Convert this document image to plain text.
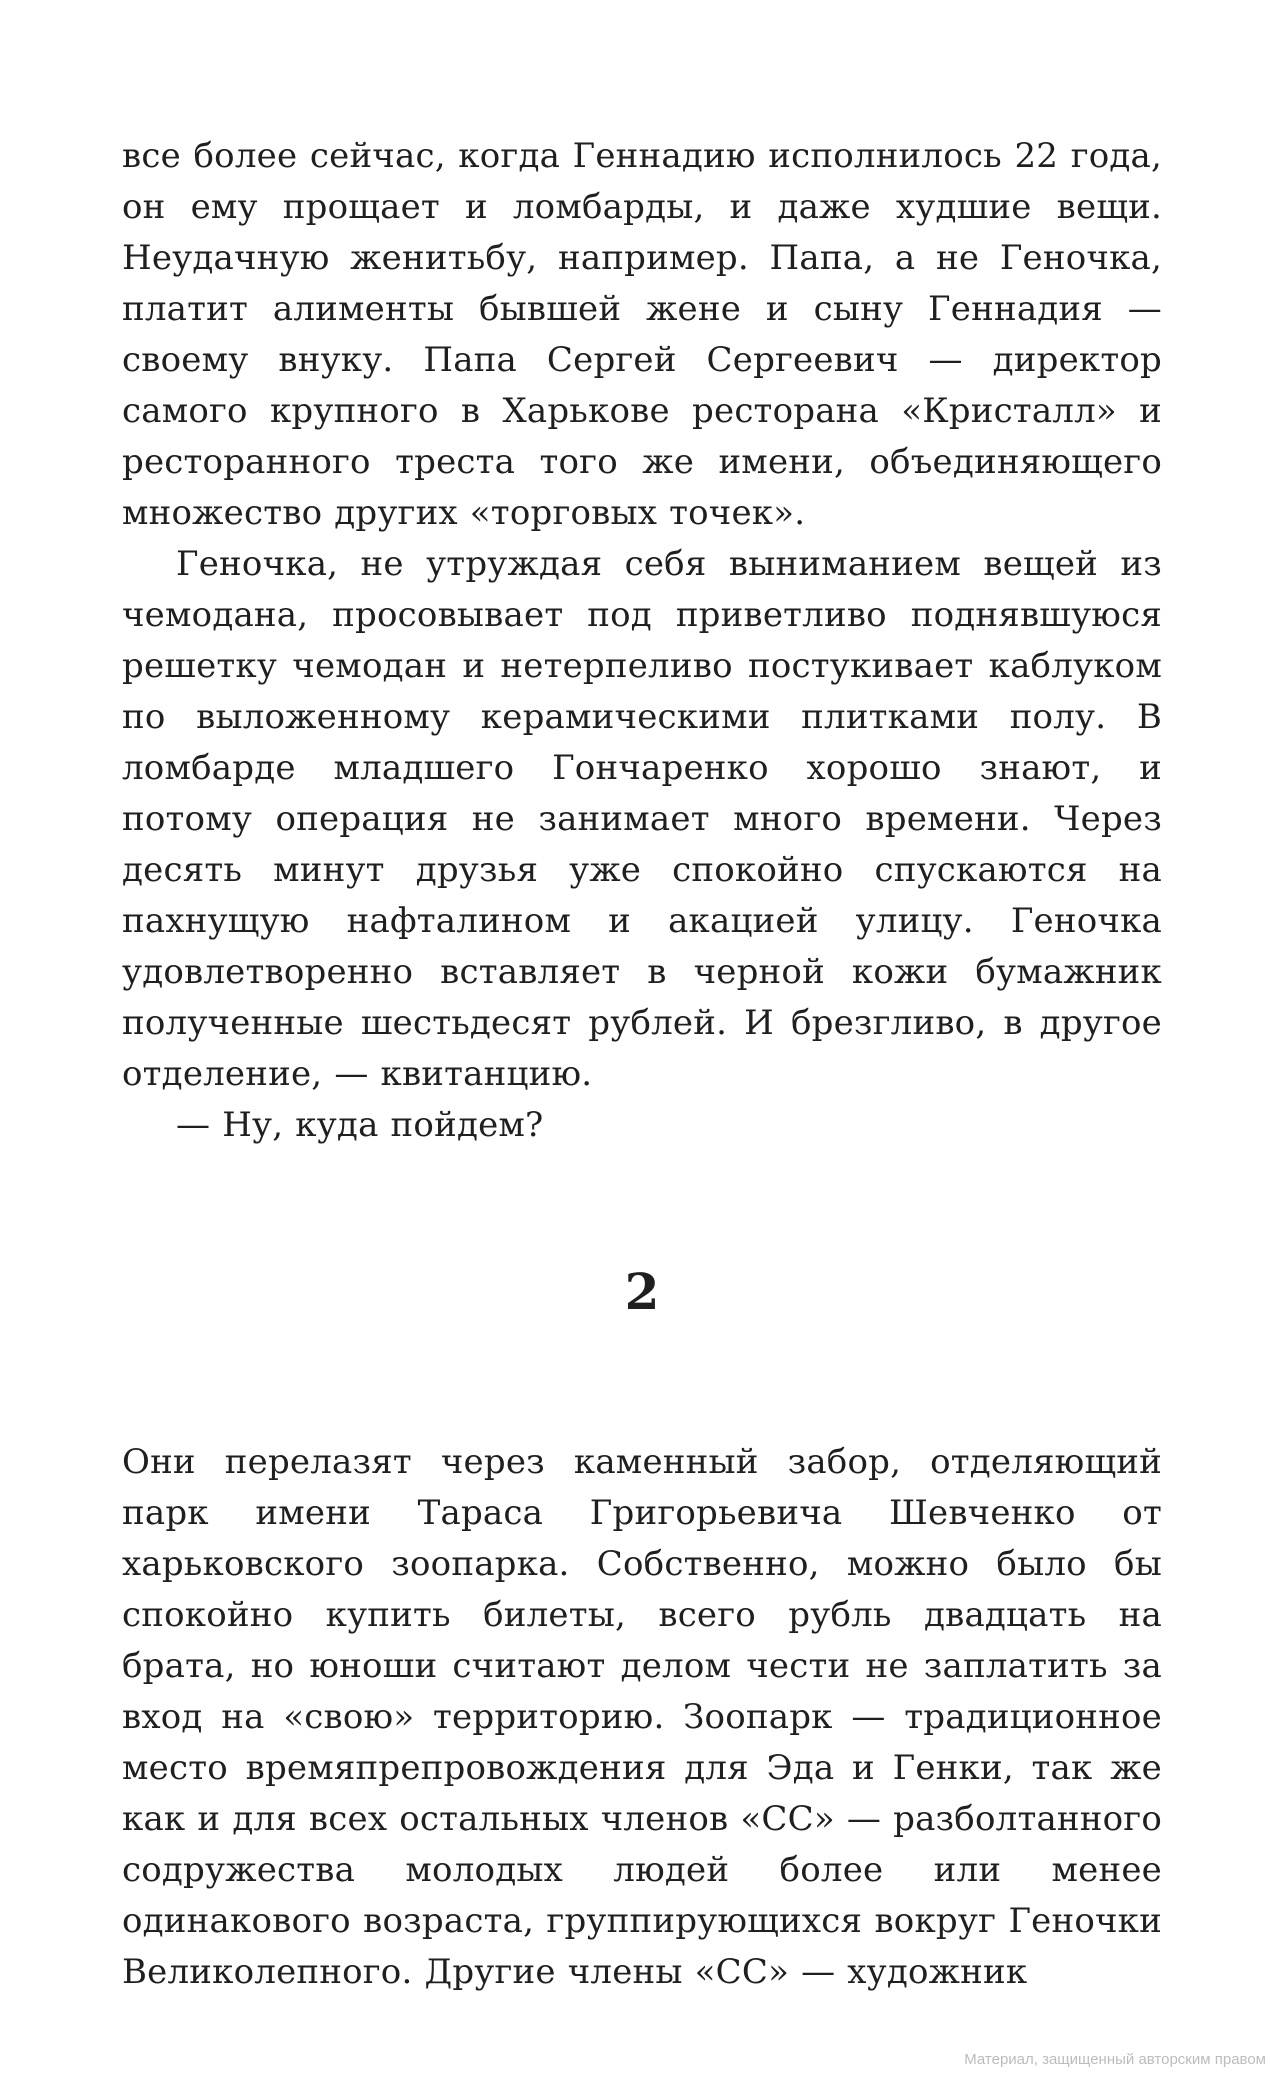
все более сейчас, когда Геннадию исполнилось 22 года, он ему прощает и ломбарды, и даже худшие вещи. Неудачную женитьбу, например. Папа, а не Геночка, платит алименты бывшей жене и сыну Геннадия — своему внуку. Папа Сергей Сергеевич — директор самого крупного в Харькове ресторана «Кристалл» и ресторанного треста того же имени, объединяющего множество других «торговых точек».

Геночка, не утруждая себя выниманием вещей из чемодана, просовывает под приветливо поднявшуюся решетку чемодан и нетерпеливо постукивает каблуком по выложенному керамическими плитками полу. В ломбарде младшего Гончаренко хорошо знают, и потому операция не занимает много времени. Через десять минут друзья уже спокойно спускаются на пахнущую нафталином и акацией улицу. Геночка удовлетворенно вставляет в черной кожи бумажник полученные шестьдесят рублей. И брезгливо, в другое отделение, — квитанцию.

— Ну, куда пойдем?

2

Они перелазят через каменный забор, отделяющий парк имени Тараса Григорьевича Шевченко от харьковского зоопарка. Собственно, можно было бы спокойно купить билеты, всего рубль двадцать на брата, но юноши считают делом чести не заплатить за вход на «свою» территорию. Зоопарк — традиционное место времяпрепровождения для Эда и Генки, так же как и для всех остальных членов «СС» — разболтанного содружества молодых людей более или менее одинакового возраста, группирующихся вокруг Геночки Великолепного. Другие члены «СС» — художник

Материал, защищенный авторским правом
